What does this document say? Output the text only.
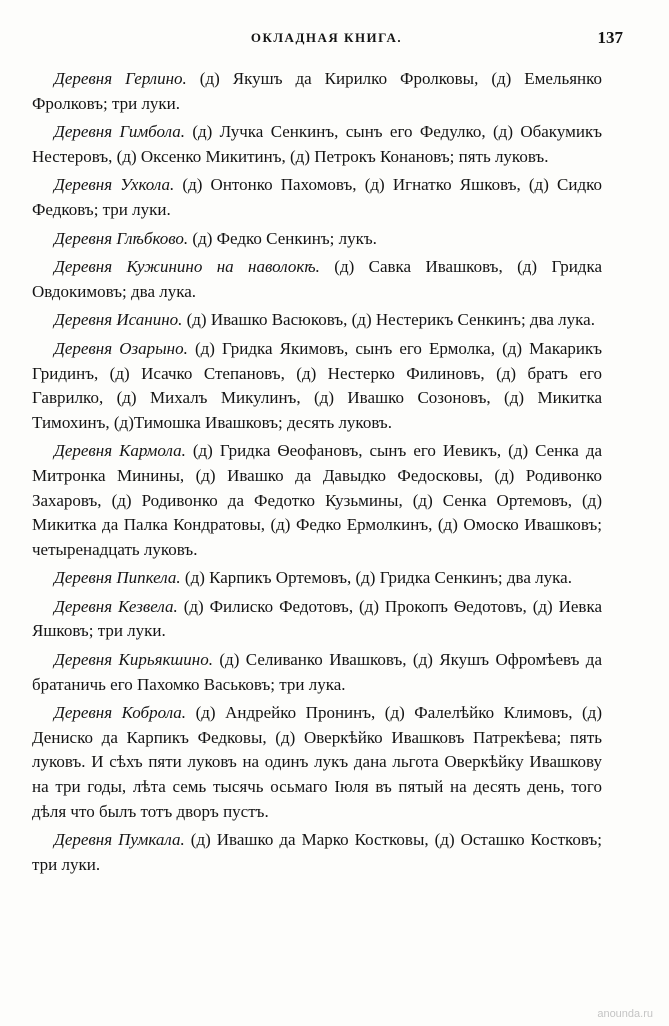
ОКЛАДНАЯ КНИГА.	137

Деревня Герлино. (д) Якушъ да Кирилко Фролковы, (д) Емельянко Фролковъ; три луки.

Деревня Гимбола. (д) Лучка Сенкинъ, сынъ его Федулко, (д) Обакумикъ Нестеровъ, (д) Оксенко Микитинъ, (д) Петрокъ Конановъ; пять луковъ.

Деревня Ухкола. (д) Онтонко Пахомовъ, (д) Игнатко Яшковъ, (д) Сидко Федковъ; три луки.

Деревня Глѣбково. (д) Федко Сенкинъ; лукъ.

Деревня Кужинино на наволокѣ. (д) Савка Ивашковъ, (д) Гридка Овдокимовъ; два лука.

Деревня Исанино. (д) Ивашко Васюковъ, (д) Нестерикъ Сенкинъ; два лука.

Деревня Озарыно. (д) Гридка Якимовъ, сынъ его Ермолка, (д) Макарикъ Гридинъ, (д) Исачко Степановъ, (д) Нестерко Филиновъ, (д) братъ его Гаврилко, (д) Михалъ Микулинъ, (д) Ивашко Созоновъ, (д) Микитка Тимохинъ, (д)Тимошка Ивашковъ; десять луковъ.

Деревня Кармола. (д) Гридка Ѳеофановъ, сынъ его Иевикъ, (д) Сенка да Митронка Минины, (д) Ивашко да Давыдко Федосковы, (д) Родивонко Захаровъ, (д) Родивонко да Федотко Кузьмины, (д) Сенка Ортемовъ, (д) Микитка да Палка Кондратовы, (д) Федко Ермолкинъ, (д) Омоско Ивашковъ; четыренадцать луковъ.

Деревня Пипкела. (д) Карпикъ Ортемовъ, (д) Гридка Сенкинъ; два лука.

Деревня Кезвела. (д) Филиско Федотовъ, (д) Прокопъ Ѳедотовъ, (д) Иевка Яшковъ; три луки.

Деревня Кирьякшино. (д) Селиванко Ивашковъ, (д) Якушъ Офромѣевъ да братаничь его Пахомко Васьковъ; три лука.

Деревня Коброла. (д) Андрейко Пронинъ, (д) Фалелѣйко Климовъ, (д) Дениско да Карпикъ Федковы, (д) Оверкѣйко Ивашковъ Патрекѣева; пять луковъ. И сѣхъ пяти луковъ на одинъ лукъ дана льгота Оверкѣйку Ивашкову на три годы, лѣта семь тысячь осьмаго Іюля въ пятый на десять день, того дѣля что былъ тотъ дворъ пустъ.

Деревня Пумкала. (д) Ивашко да Марко Костковы, (д) Осташко Костковъ; три луки.

anounda.ru
